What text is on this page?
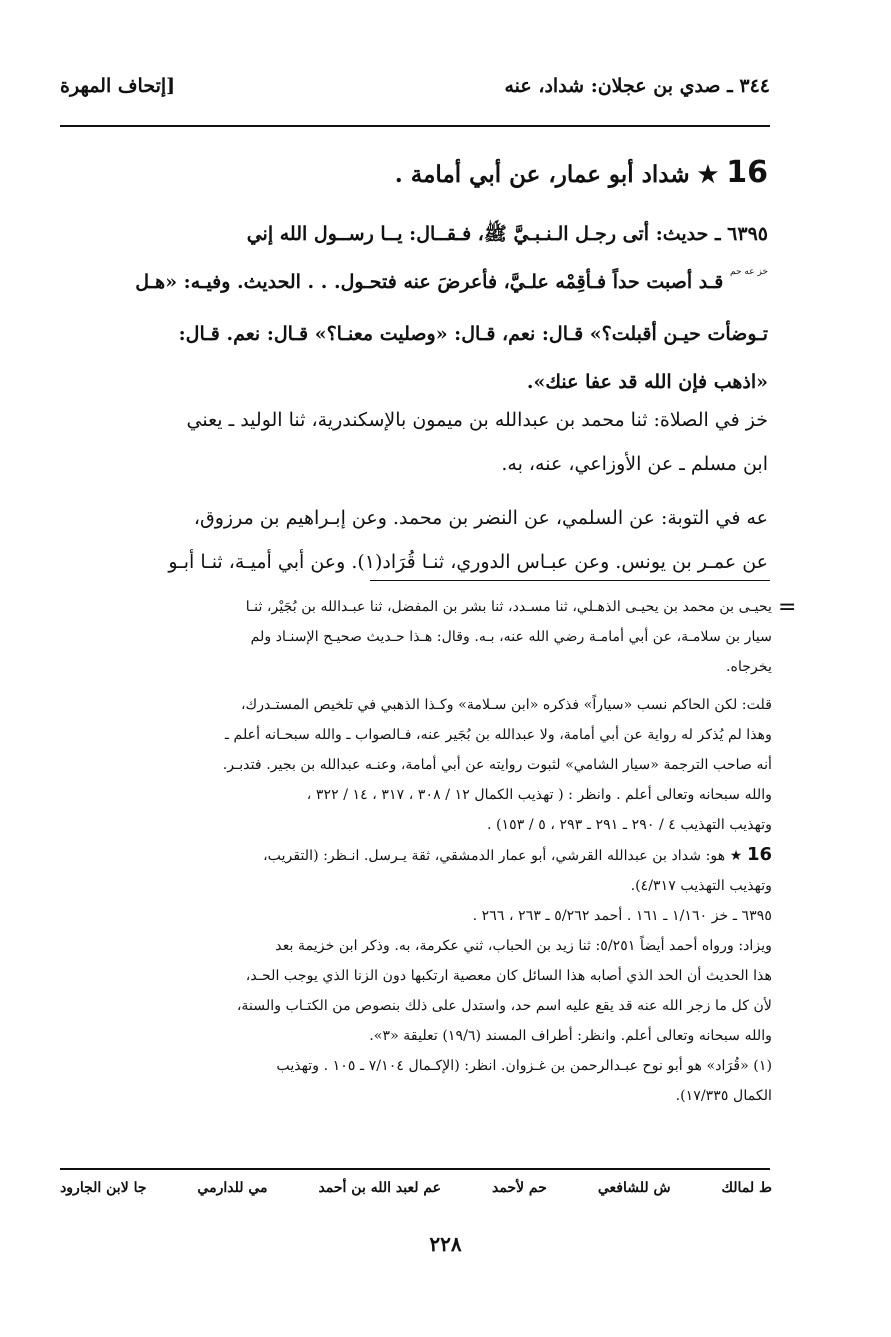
٣٤٤ ـ صدي بن عجلان: شداد، عنه
[إتحاف المهرة
16 ★ شداد أبو عمار، عن أبي أمامة .

٦٣٩٥ ـ حديث: أتى رجـل الـنـبـيَّ ﷺ، فـقــال: يــا رســول الله إني

$^{خز عه حم}$ قـد أصبت حداً فـأقِمْه علـيَّ، فأعرضَ عنه فتحـول. . . الحديث. وفيـه: «هـل

تـوضأت حيـن أقبلت؟» قـال: نعم، قـال: «وصليت معنـا؟» قـال: نعم. قـال:

«اذهب فإن الله قد عفا عنك».

خز في الصلاة: ثنا محمد بن عبدالله بن ميمون بالإسكندرية، ثنا الوليد ـ يعني

ابن مسلم ـ عن الأوزاعي، عنه، به.

عه في التوبة: عن السلمي، عن النضر بن محمد. وعن إبـراهيم بن مرزوق،

عن عمـر بن يونس. وعن عبـاس الدوري، ثنـا قُرَاد(١). وعن أبي أميـة، ثنـا أبـو

=

يحيـى بن محمد بن يحيـى الذهـلي، ثنا مسـدد، ثنا بشر بن المفضل، ثنا عبـدالله بن بُجَيْر، ثنـا

سيار بن سلامـة، عن أبي أمامـة رضي الله عنه، بـه. وقال: هـذا حـديث صحيـح الإسنـاد ولم

يخرجاه.

قلت: لكن الحاكم نسب «سياراً» فذكره «ابن سـلامة» وكـذا الذهبي في تلخيص المستـدرك،

وهذا لم يُذكر له رواية عن أبي أمامة، ولا عبدالله بن بُجَير عنه، فـالصواب ـ والله سبحـانه أعلم ـ

أنه صاحب الترجمة «سيار الشامي» لثبوت روايته عن أبي أمامة، وعنـه عبدالله بن بجير. فتدبـر.

والله سبحانه وتعالى أعلم . وانظر : ( تهذيب الكمال ١٢ / ٣٠٨ ، ٣١٧ ، ١٤ / ٣٢٢ ،

وتهذيب التهذيب ٤ / ٢٩٠ ـ ٢٩١ ـ ٢٩٣ ، ٥ / ١٥٣) .

16 ★ هو: شداد بن عبدالله القرشي، أبو عمار الدمشقي، ثقة يـرسل. انـظر: (التقريب،

وتهذيب التهذيب ٤/٣١٧).

٦٣٩٥ ـ خز ١/١٦٠ ـ ١٦١ . أحمد ٥/٢٦٢ ـ ٢٦٣ ، ٢٦٦ .

ويزاد: ورواه أحمد أيضاً ٥/٢٥١: ثنا زيد بن الحباب، ثني عكرمة، به. وذكر ابن خزيمة بعد

هذا الحديث أن الحد الذي أصابه هذا السائل كان معصية ارتكبها دون الزنا الذي يوجب الحـد،

لأن كل ما زجر الله عنه قد يقع عليه اسم حد، واستدل على ذلك بنصوص من الكتـاب والسنة،

والله سبحانه وتعالى أعلم. وانظر: أطراف المسند (١٩/٦) تعليقة «٣».

(١) «قُرَاد» هو أبو نوح عبـدالرحمن بن غـزوان. انظر: (الإكـمال ٧/١٠٤ ـ ١٠٥ . وتهذيب

الكمال ١٧/٣٣٥).

ط لمالك
ش للشافعي
حم لأحمد
عم لعبد الله بن أحمد
مي للدارمي
جا لابن الجارود
٢٢٨
